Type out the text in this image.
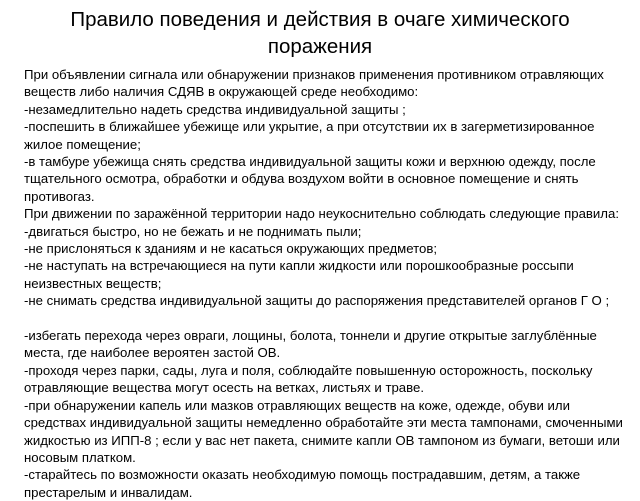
Правило поведения и действия в очаге химического
поражения

При объявлении сигнала или обнаружении признаков применения противником отравляющих веществ либо наличия СДЯВ в окружающей среде необходимо:

-незамедлительно надеть средства индивидуальной защиты ;

-поспешить в ближайшее убежище или укрытие, а при отсутствии их в загерметизированное жилое помещение;

-в тамбуре убежища снять средства индивидуальной защиты кожи и верхнюю одежду, после тщательного осмотра, обработки и обдува воздухом войти в основное помещение и снять противогаз.

При движении по заражённой территории надо неукоснительно соблюдать следующие правила:

-двигаться быстро, но не бежать и не поднимать пыли;

-не прислоняться к зданиям и не касаться окружающих предметов;

-не наступать на встречающиеся на пути капли жидкости или порошкообразные россыпи неизвестных веществ;

-не снимать средства индивидуальной защиты до распоряжения представителей органов Г О ;

-избегать перехода через овраги, лощины, болота, тоннели и другие открытые заглублённые места, где наиболее вероятен застой ОВ.

-проходя через парки, сады, луга и поля, соблюдайте повышенную осторожность, поскольку отравляющие вещества могут осесть на ветках, листьях и траве.

-при обнаружении капель или мазков отравляющих веществ на коже, одежде, обуви или средствах индивидуальной защиты немедленно обработайте эти места тампонами, смоченными жидкостью из ИПП-8 ; если у вас нет пакета, снимите капли ОВ тампоном из бумаги, ветоши или носовым платком.

-старайтесь по возможности оказать необходимую помощь пострадавшим, детям, а также престарелым и инвалидам.
